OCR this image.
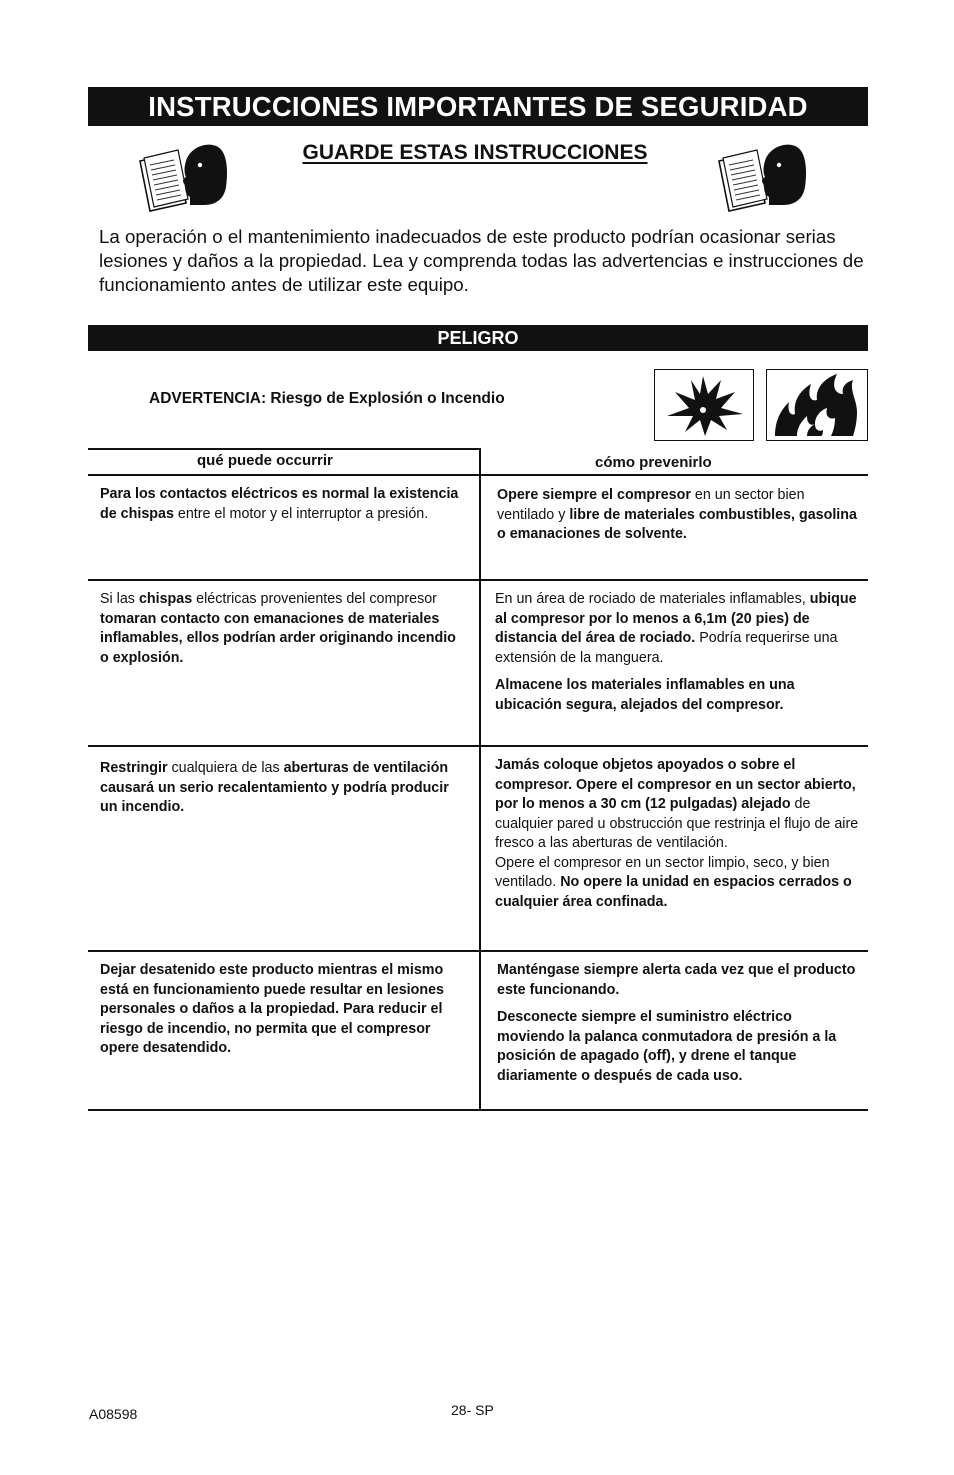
INSTRUCCIONES IMPORTANTES DE SEGURIDAD
GUARDE ESTAS INSTRUCCIONES
La operación o el mantenimiento inadecuados de este producto podrían ocasionar serias lesiones y daños a la propiedad. Lea y comprenda todas las advertencias e instrucciones de funcionamiento antes de utilizar este equipo.
PELIGRO
ADVERTENCIA: Riesgo de Explosión o Incendio
qué puede occurrir	cómo prevenirlo

Para los contactos eléctricos es normal la existencia de chispas entre el motor y el interruptor a presión.

Opere siempre el compresor en un sector bien ventilado y libre de materiales combustibles, gasolina o emanaciones de solvente.

Si las chispas eléctricas provenientes del compresor tomaran contacto con emanaciones de materiales inflamables, ellos podrían arder originando incendio o explosión.

En un área de rociado de materiales inflamables, ubique al compresor por lo menos a 6,1m (20 pies) de distancia del área de rociado. Podría requerirse una extensión de la manguera.

Almacene los materiales inflamables en una ubicación segura, alejados del compresor.

Restringir cualquiera de las aberturas de ventilación causará un serio recalentamiento y podría producir un incendio.

Jamás coloque objetos apoyados o sobre el compresor. Opere el compresor en un sector abierto, por lo menos a 30 cm (12 pulgadas) alejado de cualquier pared u obstrucción que restrinja el flujo de aire fresco a las aberturas de ventilación.
Opere el compresor en un sector limpio, seco, y bien ventilado. No opere la unidad en espacios cerrados o cualquier área confinada.

Dejar desatenido este producto mientras el mismo está en funcionamiento puede resultar en lesiones personales o daños a la propiedad. Para reducir el riesgo de incendio, no permita que el compresor opere desatendido.

Manténgase siempre alerta cada vez que el producto este funcionando.

Desconecte siempre el suministro eléctrico moviendo la palanca conmutadora de presión a la posición de apagado (off), y drene el tanque diariamente o después de cada uso.

A08598	28- SP
